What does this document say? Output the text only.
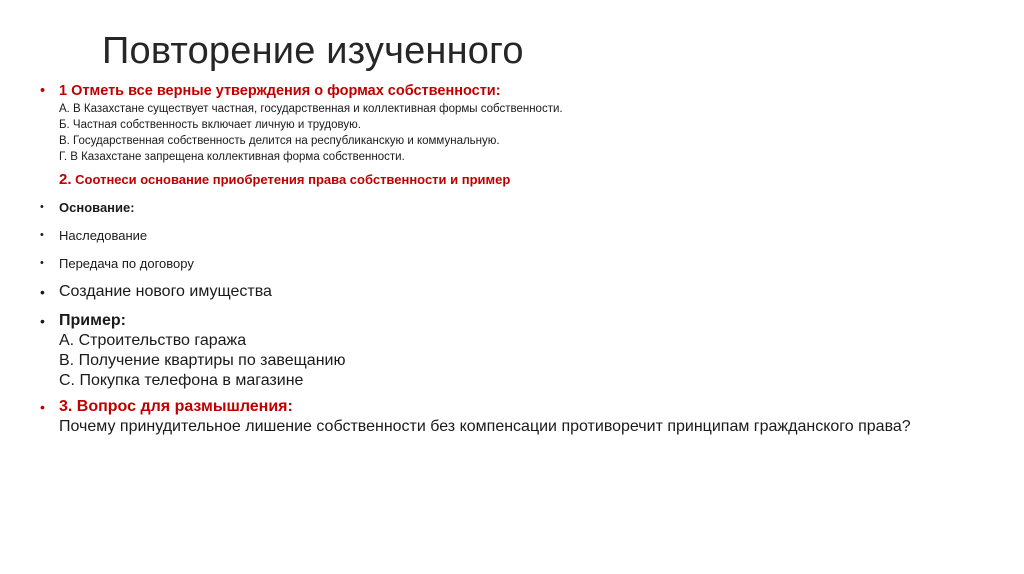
Повторение изученного
• 1 Отметь все верные утверждения о формах собственности:
А. В Казахстане существует частная, государственная и коллективная формы собственности.
Б. Частная собственность включает личную и трудовую.
В. Государственная собственность делится на республиканскую и коммунальную.
Г. В Казахстане запрещена коллективная форма собственности.
2. Соотнеси основание приобретения права собственности и пример
• Основание:
• Наследование
• Передача по договору
• Создание нового имущества
• Пример:
А. Строительство гаража
В. Получение квартиры по завещанию
С. Покупка телефона в магазине
• 3. Вопрос для размышления:
Почему принудительное лишение собственности без компенсации противоречит принципам гражданского права?
